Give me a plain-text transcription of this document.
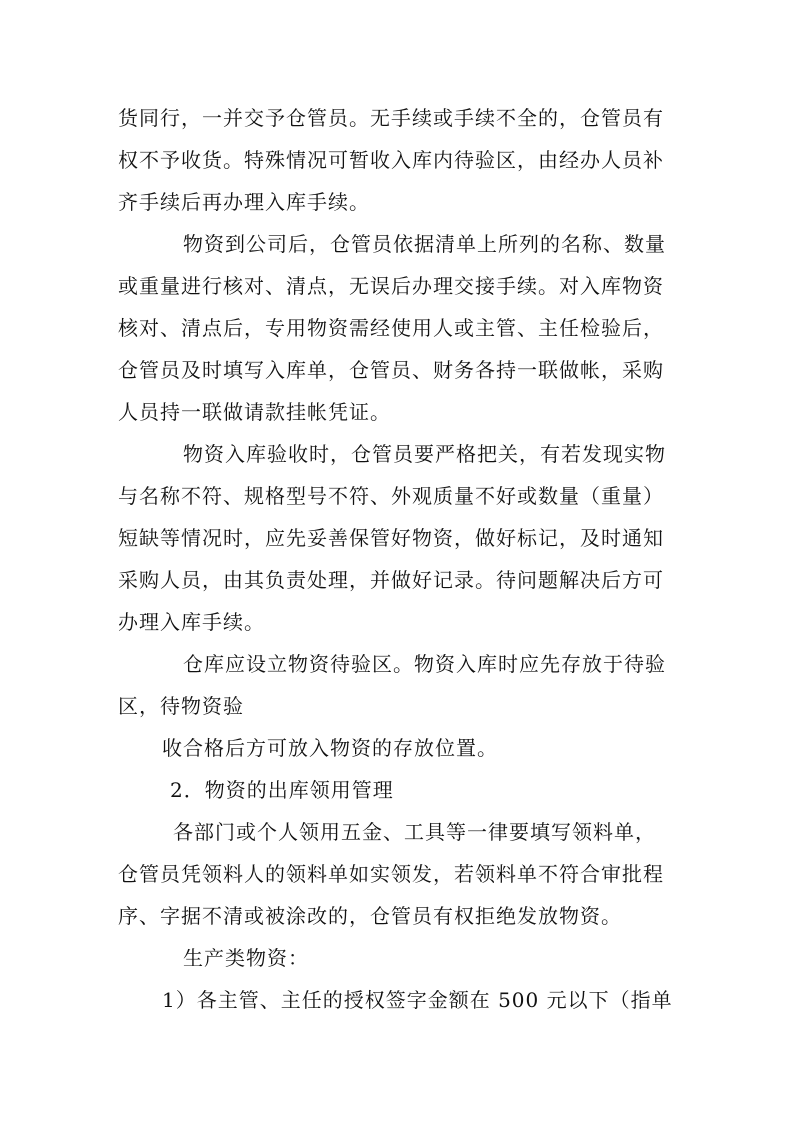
货同行，一并交予仓管员。无手续或手续不全的，仓管员有
权不予收货。特殊情况可暂收入库内待验区，由经办人员补
齐手续后再办理入库手续。
物资到公司后，仓管员依据清单上所列的名称、数量
或重量进行核对、清点，无误后办理交接手续。对入库物资
核对、清点后，专用物资需经使用人或主管、主任检验后，
仓管员及时填写入库单，仓管员、财务各持一联做帐，采购
人员持一联做请款挂帐凭证。
物资入库验收时，仓管员要严格把关，有若发现实物
与名称不符、规格型号不符、外观质量不好或数量（重量）
短缺等情况时，应先妥善保管好物资，做好标记，及时通知
采购人员，由其负责处理，并做好记录。待问题解决后方可
办理入库手续。
仓库应设立物资待验区。物资入库时应先存放于待验
区，待物资验
收合格后方可放入物资的存放位置。
2．物资的出库领用管理
各部门或个人领用五金、工具等一律要填写领料单，
仓管员凭领料人的领料单如实领发，若领料单不符合审批程
序、字据不清或被涂改的，仓管员有权拒绝发放物资。
生产类物资：
1）各主管、主任的授权签字金额在 500 元以下（指单
